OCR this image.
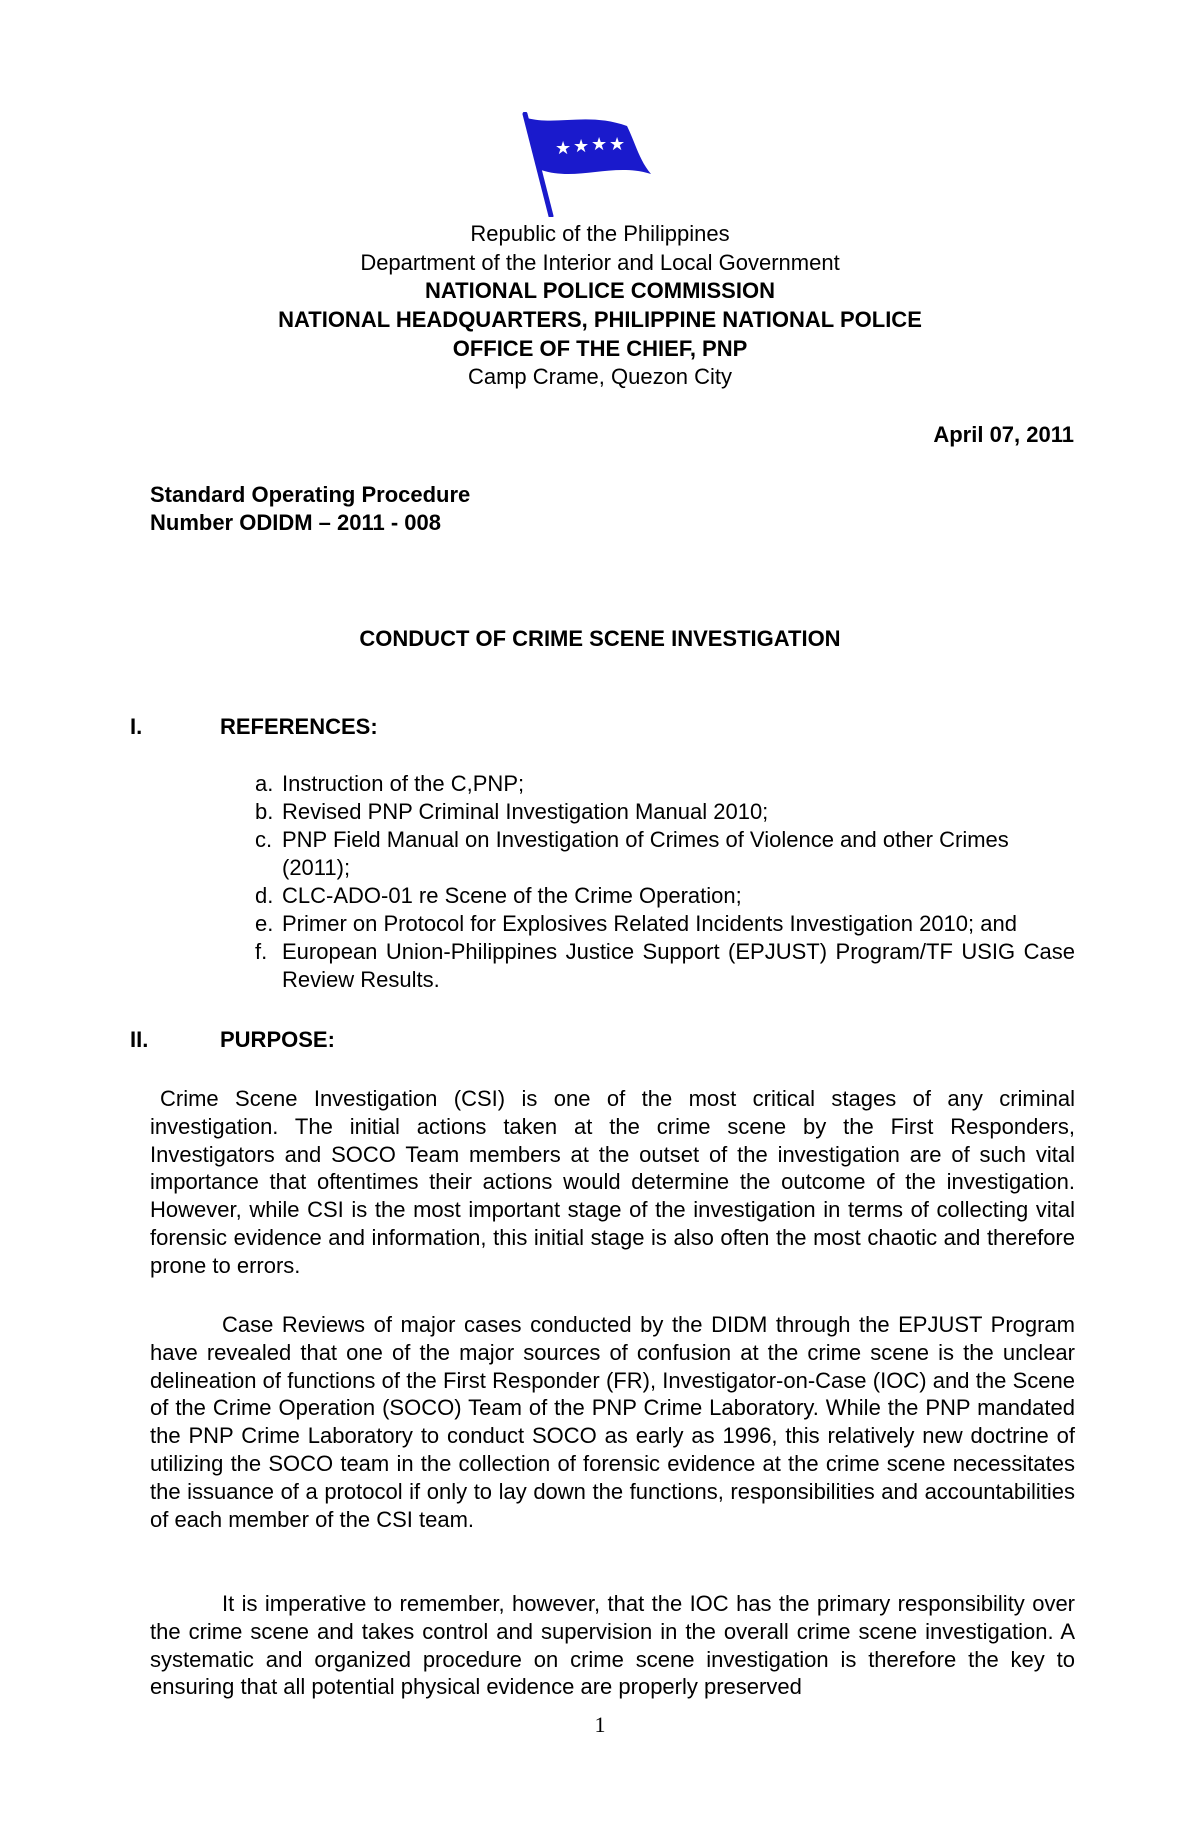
★ ★ ★ ★
Republic of the Philippines
Department of the Interior and Local Government
NATIONAL POLICE COMMISSION
NATIONAL HEADQUARTERS, PHILIPPINE NATIONAL POLICE
OFFICE OF THE CHIEF, PNP
Camp Crame, Quezon City
April 07, 2011
Standard Operating Procedure
Number ODIDM – 2011 - 008
CONDUCT OF CRIME SCENE INVESTIGATION
I.	REFERENCES:
a. Instruction of the C,PNP;
b. Revised PNP Criminal Investigation Manual 2010;
c. PNP Field Manual on Investigation of Crimes of Violence and other Crimes (2011);
d. CLC-ADO-01 re Scene of the Crime Operation;
e. Primer on Protocol for Explosives Related Incidents Investigation 2010; and
f. European Union-Philippines Justice Support (EPJUST) Program/TF USIG Case Review Results.
II.	PURPOSE:

Crime Scene Investigation (CSI) is one of the most critical stages of any criminal investigation. The initial actions taken at the crime scene by the First Responders, Investigators and SOCO Team members at the outset of the investigation are of such vital importance that oftentimes their actions would determine the outcome of the investigation. However, while CSI is the most important stage of the investigation in terms of collecting vital forensic evidence and information, this initial stage is also often the most chaotic and therefore prone to errors.

Case Reviews of major cases conducted by the DIDM through the EPJUST Program have revealed that one of the major sources of confusion at the crime scene is the unclear delineation of functions of the First Responder (FR), Investigator-on-Case (IOC) and the Scene of the Crime Operation (SOCO) Team of the PNP Crime Laboratory. While the PNP mandated the PNP Crime Laboratory to conduct SOCO as early as 1996, this relatively new doctrine of utilizing the SOCO team in the collection of forensic evidence at the crime scene necessitates the issuance of a protocol if only to lay down the functions, responsibilities and accountabilities of each member of the CSI team.

It is imperative to remember, however, that the IOC has the primary responsibility over the crime scene and takes control and supervision in the overall crime scene investigation. A systematic and organized procedure on crime scene investigation is therefore the key to ensuring that all potential physical evidence are properly preserved

1
